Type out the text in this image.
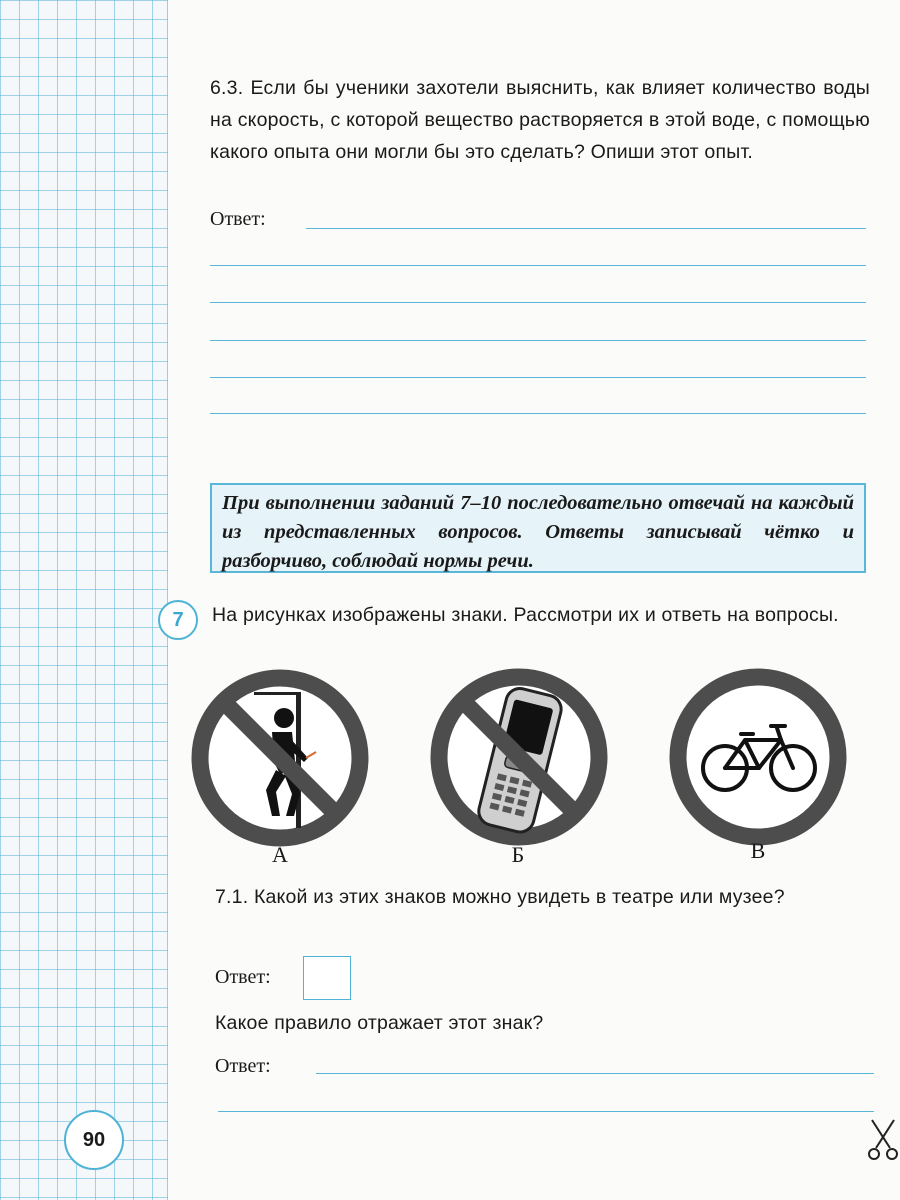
6.3. Если бы ученики захотели выяснить, как влияет количество воды на скорость, с которой вещество растворяется в этой воде, с помощью какого опыта они могли бы это сделать? Опиши этот опыт.
Ответ:
При выполнении заданий 7–10 последовательно отвечай на каждый из представленных вопросов. Ответы записывай чётко и разборчиво, соблюдай нормы речи.
7	На рисунках изображены знаки. Рассмотри их и ответь на вопросы.
А	Б	В
7.1. Какой из этих знаков можно увидеть в театре или музее?
Ответ:
Какое правило отражает этот знак?
Ответ:
90
